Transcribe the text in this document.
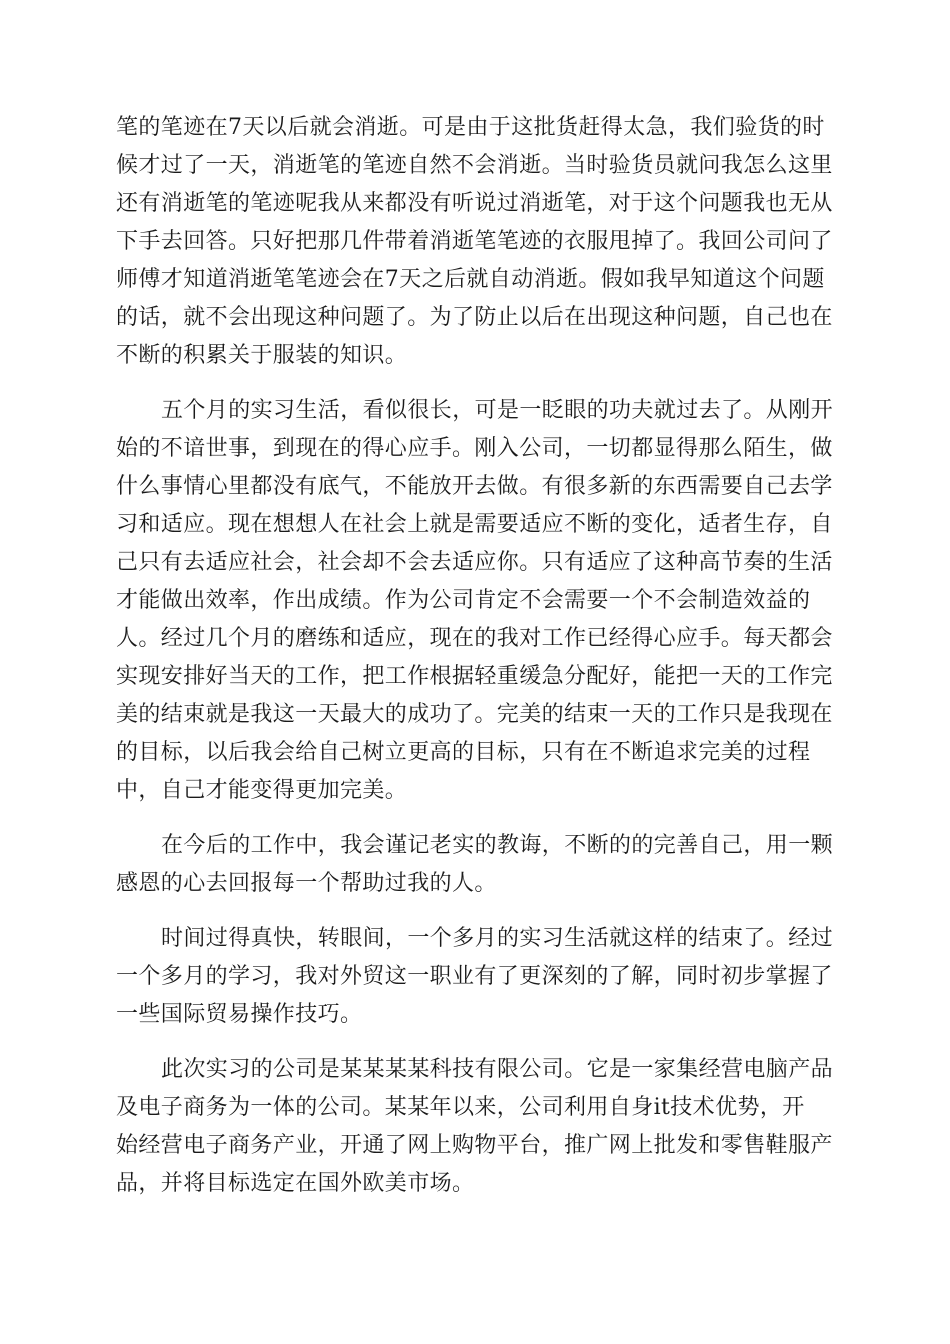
笔的笔迹在7天以后就会消逝。可是由于这批货赶得太急，我们验货的时
候才过了一天，消逝笔的笔迹自然不会消逝。当时验货员就问我怎么这里
还有消逝笔的笔迹呢我从来都没有听说过消逝笔，对于这个问题我也无从
下手去回答。只好把那几件带着消逝笔笔迹的衣服甩掉了。我回公司问了
师傅才知道消逝笔笔迹会在7天之后就自动消逝。假如我早知道这个问题
的话，就不会出现这种问题了。为了防止以后在出现这种问题，自己也在
不断的积累关于服装的知识。

五个月的实习生活，看似很长，可是一眨眼的功夫就过去了。从刚开
始的不谙世事，到现在的得心应手。刚入公司，一切都显得那么陌生，做
什么事情心里都没有底气，不能放开去做。有很多新的东西需要自己去学
习和适应。现在想想人在社会上就是需要适应不断的变化，适者生存，自
己只有去适应社会，社会却不会去适应你。只有适应了这种高节奏的生活
才能做出效率，作出成绩。作为公司肯定不会需要一个不会制造效益的
人。经过几个月的磨练和适应，现在的我对工作已经得心应手。每天都会
实现安排好当天的工作，把工作根据轻重缓急分配好，能把一天的工作完
美的结束就是我这一天最大的成功了。完美的结束一天的工作只是我现在
的目标，以后我会给自己树立更高的目标，只有在不断追求完美的过程
中，自己才能变得更加完美。

在今后的工作中，我会谨记老实的教诲，不断的的完善自己，用一颗
感恩的心去回报每一个帮助过我的人。

时间过得真快，转眼间，一个多月的实习生活就这样的结束了。经过
一个多月的学习，我对外贸这一职业有了更深刻的了解，同时初步掌握了
一些国际贸易操作技巧。

此次实习的公司是某某某某科技有限公司。它是一家集经营电脑产品
及电子商务为一体的公司。某某年以来，公司利用自身it技术优势，开
始经营电子商务产业，开通了网上购物平台，推广网上批发和零售鞋服产
品，并将目标选定在国外欧美市场。
